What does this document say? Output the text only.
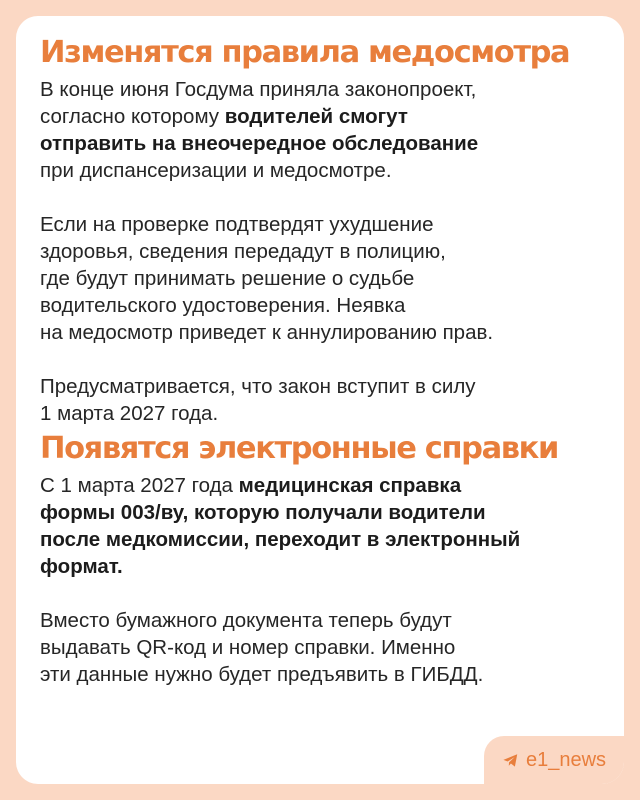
Изменятся правила медосмотра

В конце июня Госдума приняла законопроект,
согласно которому водителей смогут
отправить на внеочередное обследование
при диспансеризации и медосмотре.

Если на проверке подтвердят ухудшение
здоровья, сведения передадут в полицию,
где будут принимать решение о судьбе
водительского удостоверения. Неявка
на медосмотр приведет к аннулированию прав.

Предусматривается, что закон вступит в силу
1 марта 2027 года.

Появятся электронные справки

С 1 марта 2027 года медицинская справка
формы 003/ву, которую получали водители
после медкомиссии, переходит в электронный
формат.

Вместо бумажного документа теперь будут
выдавать QR-код и номер справки. Именно
эти данные нужно будет предъявить в ГИБДД.

e1_news
